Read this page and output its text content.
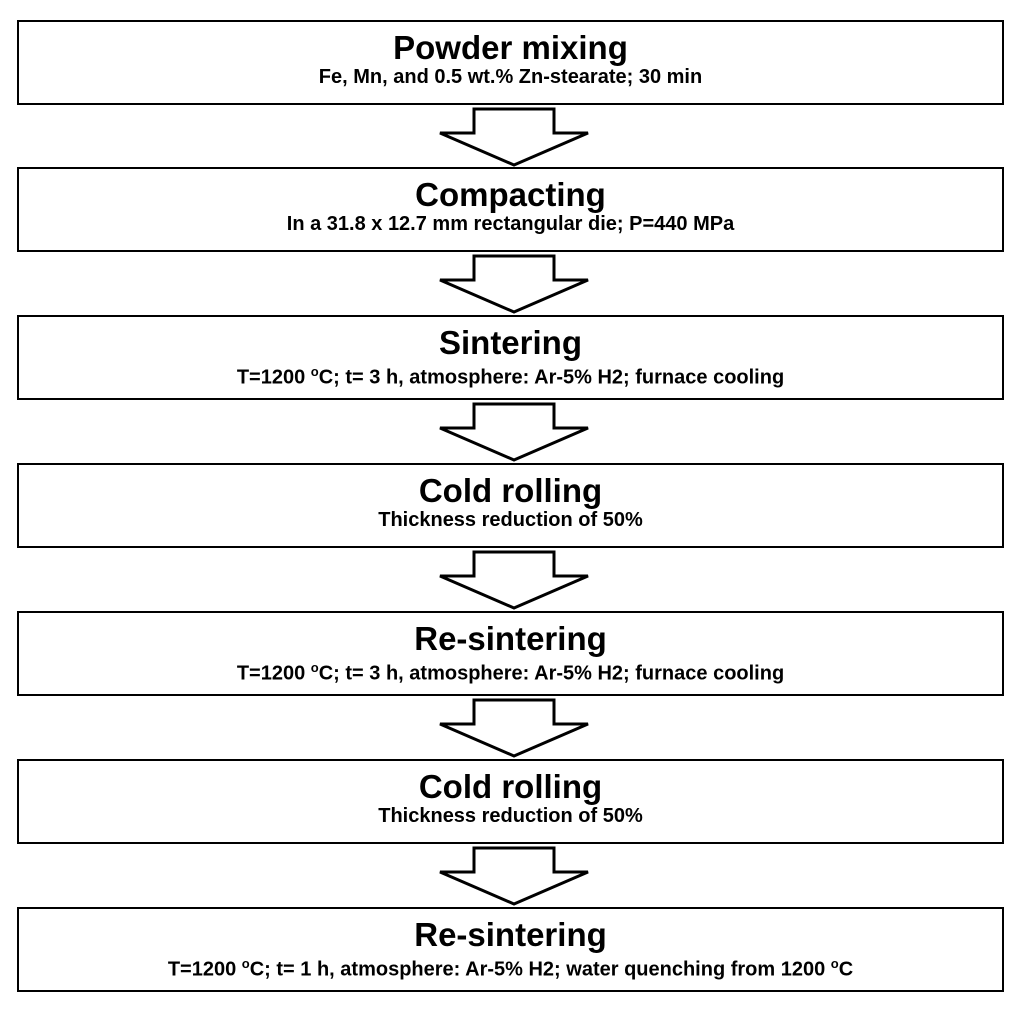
Powder mixing
Fe, Mn, and 0.5 wt.% Zn-stearate; 30 min
Compacting
In a 31.8 x 12.7 mm rectangular die; P=440 MPa
Sintering
T=1200 $^o$C; t= 3 h, atmosphere: Ar-5% H2; furnace cooling
Cold rolling
Thickness reduction of 50%
Re-sintering
T=1200 $^o$C; t= 3 h, atmosphere: Ar-5% H2; furnace cooling
Cold rolling
Thickness reduction of 50%
Re-sintering
T=1200 $^o$C; t= 1 h, atmosphere: Ar-5% H2; water quenching from 1200 $^o$C
